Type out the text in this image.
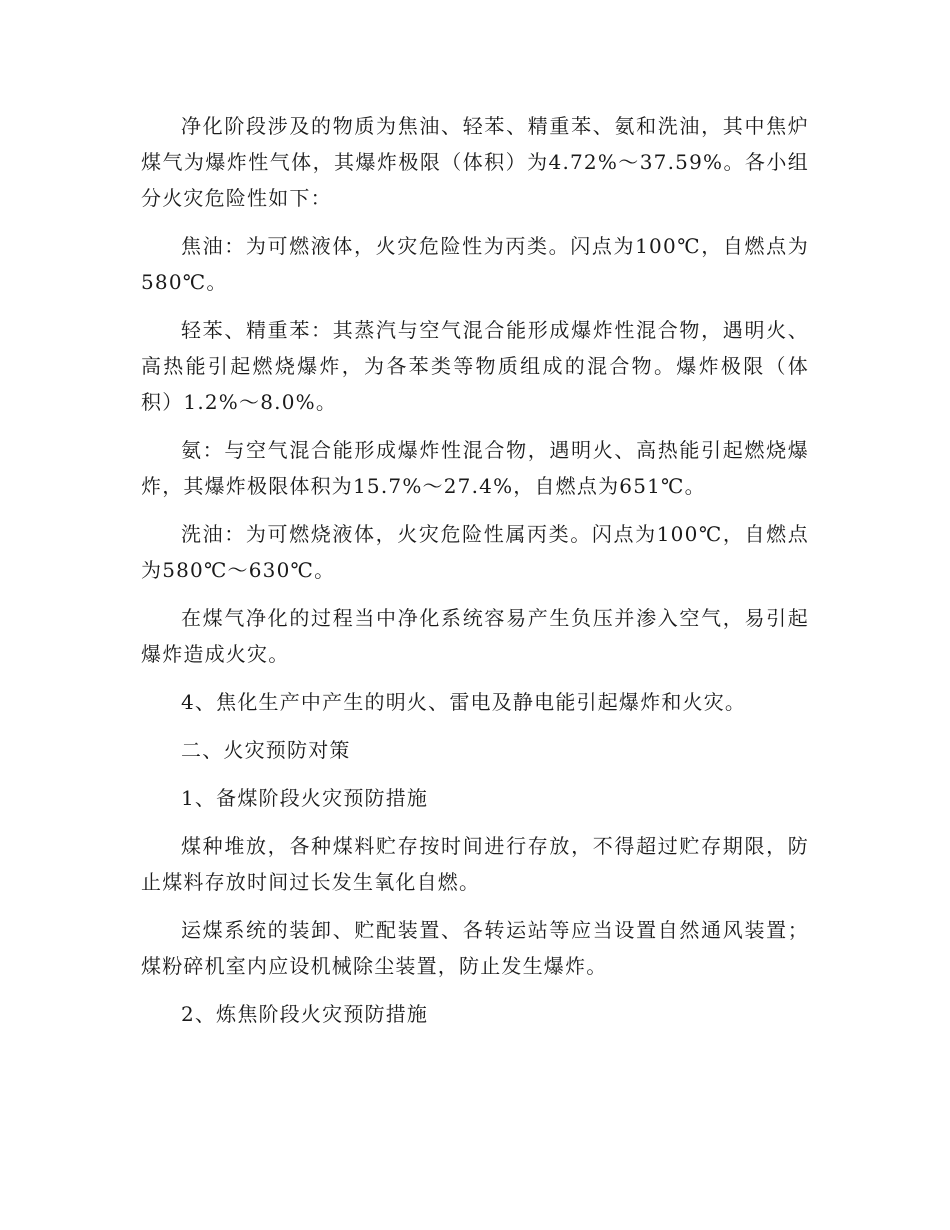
净化阶段涉及的物质为焦油、轻苯、精重苯、氨和洗油，其中焦炉煤气为爆炸性气体，其爆炸极限（体积）为4.72%～37.59%。各小组分火灾危险性如下：

焦油：为可燃液体，火灾危险性为丙类。闪点为100℃，自燃点为580℃。

轻苯、精重苯：其蒸汽与空气混合能形成爆炸性混合物，遇明火、高热能引起燃烧爆炸，为各苯类等物质组成的混合物。爆炸极限（体积）1.2%～8.0%。

氨：与空气混合能形成爆炸性混合物，遇明火、高热能引起燃烧爆炸，其爆炸极限体积为15.7%～27.4%，自燃点为651℃。

洗油：为可燃烧液体，火灾危险性属丙类。闪点为100℃，自燃点为580℃～630℃。

在煤气净化的过程当中净化系统容易产生负压并渗入空气，易引起爆炸造成火灾。

4、焦化生产中产生的明火、雷电及静电能引起爆炸和火灾。

二、火灾预防对策

1、备煤阶段火灾预防措施

煤种堆放，各种煤料贮存按时间进行存放，不得超过贮存期限，防止煤料存放时间过长发生氧化自燃。

运煤系统的装卸、贮配装置、各转运站等应当设置自然通风装置；煤粉碎机室内应设机械除尘装置，防止发生爆炸。

2、炼焦阶段火灾预防措施
